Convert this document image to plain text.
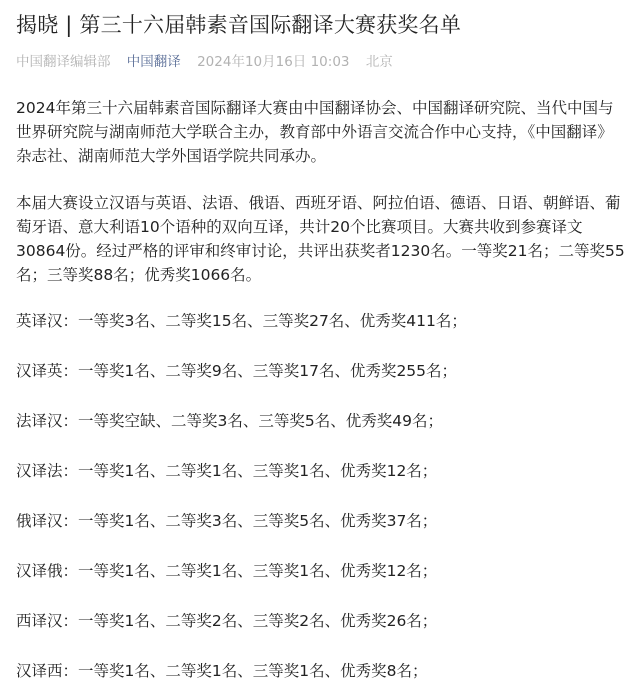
揭晓 | 第三十六届韩素音国际翻译大赛获奖名单
中国翻译编辑部 中国翻译 2024年10月16日 10:03 北京

2024年第三十六届韩素音国际翻译大赛由中国翻译协会、中国翻译研究院、当代中国与世界研究院与湖南师范大学联合主办，教育部中外语言交流合作中心支持，《中国翻译》杂志社、湖南师范大学外国语学院共同承办。

本届大赛设立汉语与英语、法语、俄语、西班牙语、阿拉伯语、德语、日语、朝鲜语、葡萄牙语、意大利语10个语种的双向互译，共计20个比赛项目。大赛共收到参赛译文30864份。经过严格的评审和终审讨论，共评出获奖者1230名。一等奖21名；二等奖55名；三等奖88名；优秀奖1066名。

英译汉：一等奖3名、二等奖15名、三等奖27名、优秀奖411名；

汉译英：一等奖1名、二等奖9名、三等奖17名、优秀奖255名；

法译汉：一等奖空缺、二等奖3名、三等奖5名、优秀奖49名；

汉译法：一等奖1名、二等奖1名、三等奖1名、优秀奖12名；

俄译汉：一等奖1名、二等奖3名、三等奖5名、优秀奖37名；

汉译俄：一等奖1名、二等奖1名、三等奖1名、优秀奖12名；

西译汉：一等奖1名、二等奖2名、三等奖2名、优秀奖26名；

汉译西：一等奖1名、二等奖1名、三等奖1名、优秀奖8名；
